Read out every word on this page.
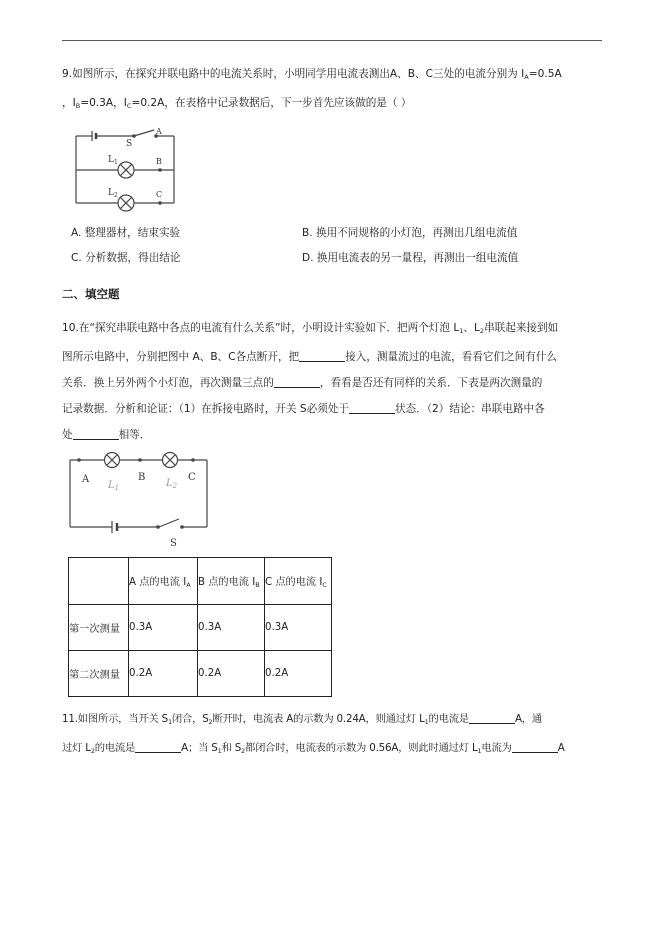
9.如图所示，在探究并联电路中的电流关系时，小明同学用电流表测出A、B、C三处的电流分别为 $I_A=0.5A$
，$I_B=0.3A$，$I_C=0.2A$，在表格中记录数据后，下一步首先应该做的是（ ）

S
A
B
C
$L_1$
$L_2$
A. 整理器材，结束实验	B. 换用不同规格的小灯泡，再测出几组电流值
C. 分析数据，得出结论	D. 换用电流表的另一量程，再测出一组电流值
二、填空题

10.在“探究串联电路中各点的电流有什么关系”时，小明设计实验如下．把两个灯泡 $L_1$、$L_2$串联起来接到如
图所示电路中，分别把图中 A、B、C各点断开，把	接入，测量流过的电流，看看它们之间有什么
关系．换上另外两个小灯泡，再次测量三点的	，看看是否还有同样的关系．下表是两次测量的
记录数据．分析和论证：（1）在拆接电路时，开关 S必须处于	状态．（2）结论：串联电路中各
处	相等．

A	B	C
$L_1$	$L_2$
S
	A 点的电流 $I_A$	B 点的电流 $I_B$	C 点的电流 $I_C$
第一次测量	0.3A	0.3A	0.3A
第二次测量	0.2A	0.2A	0.2A

11.如图所示，当开关 $S_1$闭合，$S_2$断开时，电流表 A的示数为 0.24A，则通过灯 $L_1$的电流是	A，通
过灯 $L_2$的电流是	A；当 $S_1$和 $S_2$都闭合时，电流表的示数为 0.56A，则此时通过灯 $L_1$电流为	A
